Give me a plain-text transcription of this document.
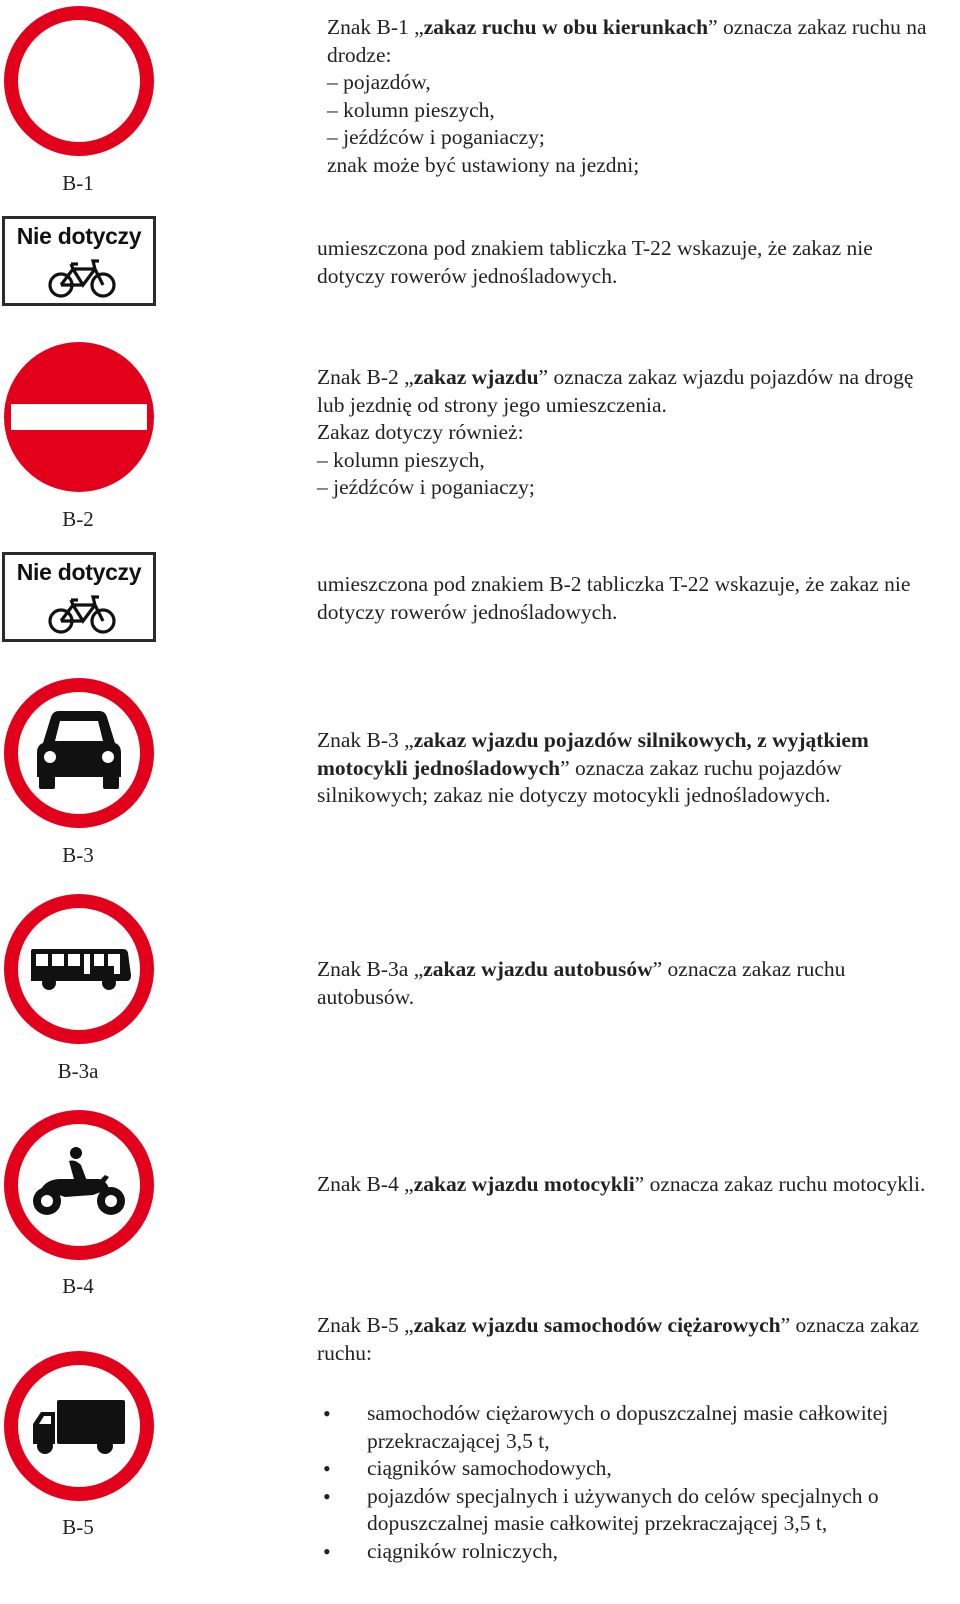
B-1
Znak B-1 „zakaz ruchu w obu kierunkach” oznacza zakaz ruchu na drodze:
– pojazdów,
– kolumn pieszych,
– jeźdźców i poganiaczy;
znak może być ustawiony na jezdni;
Nie dotyczy	umieszczona pod znakiem tabliczka T-22 wskazuje, że zakaz nie dotyczy rowerów jednośladowych.
B-2
Znak B-2 „zakaz wjazdu” oznacza zakaz wjazdu pojazdów na drogę lub jezdnię od strony jego umieszczenia.
Zakaz dotyczy również:
– kolumn pieszych,
– jeźdźców i poganiaczy;
Nie dotyczy	umieszczona pod znakiem B-2 tabliczka T-22 wskazuje, że zakaz nie dotyczy rowerów jednośladowych.
B-3
Znak B-3 „zakaz wjazdu pojazdów silnikowych, z wyjątkiem motocykli jednośladowych” oznacza zakaz ruchu pojazdów silnikowych; zakaz nie dotyczy motocykli jednośladowych.
B-3a
Znak B-3a „zakaz wjazdu autobusów” oznacza zakaz ruchu autobusów.
B-4
Znak B-4 „zakaz wjazdu motocykli” oznacza zakaz ruchu motocykli.
B-5
Znak B-5 „zakaz wjazdu samochodów ciężarowych” oznacza zakaz ruchu:
• samochodów ciężarowych o dopuszczalnej masie całkowitej przekraczającej 3,5 t,
• ciągników samochodowych,
• pojazdów specjalnych i używanych do celów specjalnych o dopuszczalnej masie całkowitej przekraczającej 3,5 t,
• ciągników rolniczych,
